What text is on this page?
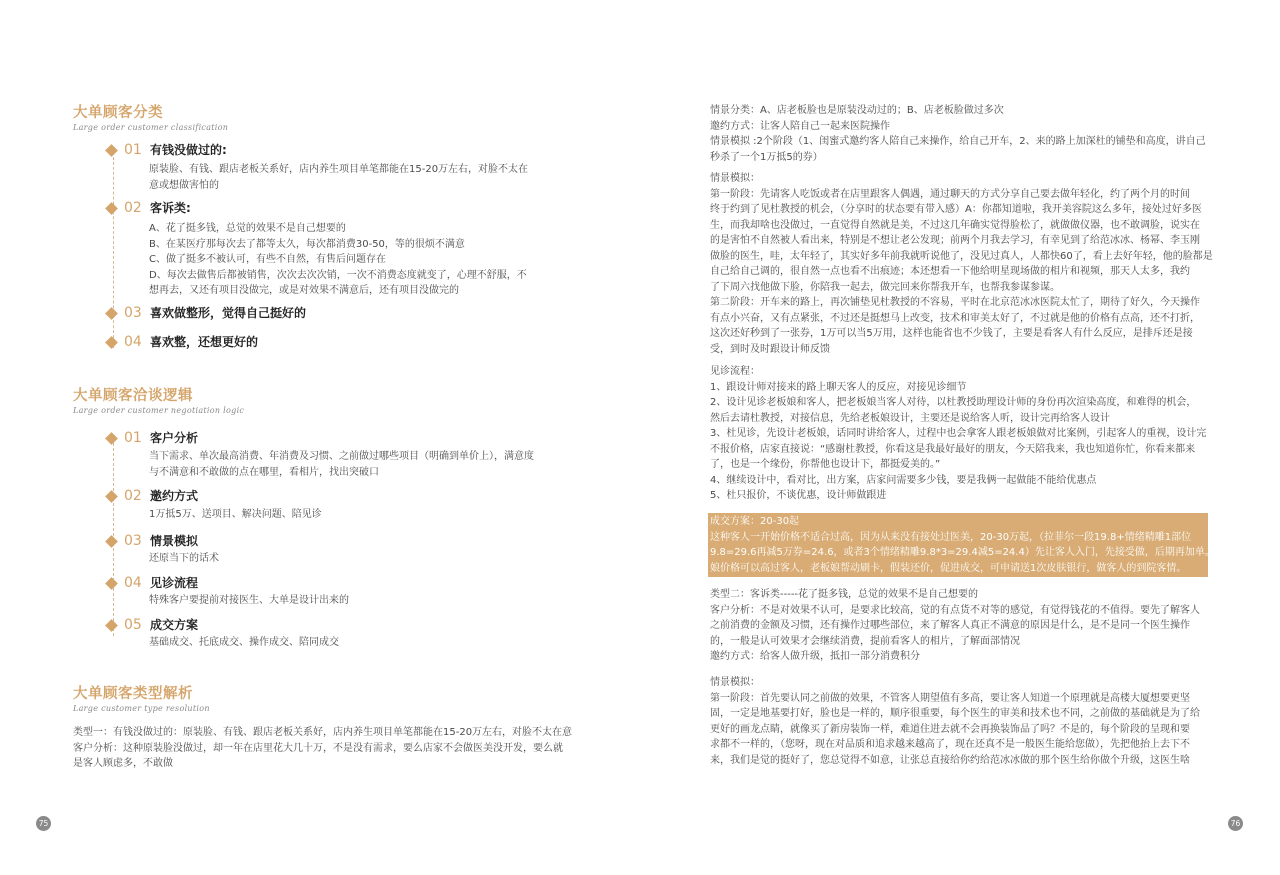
大单顾客分类
Large order customer classification
01 有钱没做过的:
原装脸、有钱、跟店老板关系好，店内养生项目单笔都能在15-20万左右，对脸不太在
意或想做害怕的
02 客诉类:
A、花了挺多钱，总觉的效果不是自己想要的
B、在某医疗那每次去了都等太久，每次都消费30-50，等的很烦不满意
C、做了挺多不被认可，有些不自然，有售后问题存在
D、每次去做售后都被销售，次次去次次销，一次不消费态度就变了，心理不舒服，不
想再去，又还有项目没做完，或是对效果不满意后，还有项目没做完的
03 喜欢做整形，觉得自己挺好的
04 喜欢整，还想更好的
大单顾客洽谈逻辑
Large order customer negotiation logic
01 客户分析
当下需求、单次最高消费、年消费及习惯、之前做过哪些项目（明确到单价上），满意度
与不满意和不敢做的点在哪里，看相片，找出突破口
02 邀约方式
1万抵5万、送项目、解决问题、陪见诊
03 情景模拟
还原当下的话术
04 见诊流程
特殊客户要提前对接医生、大单是设计出来的
05 成交方案
基础成交、托底成交、操作成交、陪同成交
大单顾客类型解析
Large customer type resolution
类型一：有钱没做过的：原装脸、有钱、跟店老板关系好，店内养生项目单笔都能在15-20万左右，对脸不太在意
客户分析：这种原装脸没做过，却一年在店里花大几十万，不是没有需求，要么店家不会做医美没开发，要么就
是客人顾虑多，不敢做
75
情景分类：A、店老板脸也是原装没动过的；B、店老板脸做过多次
邀约方式：让客人陪自己一起来医院操作
情景模拟 :2个阶段（1、闺蜜式邀约客人陪自己来操作，给自己开车，2、来的路上加深杜的铺垫和高度，讲自己
秒杀了一个1万抵5的券）
情景模拟：
第一阶段：先请客人吃饭或者在店里跟客人偶遇，通过聊天的方式分享自己要去做年轻化，约了两个月的时间
终于约到了见杜教授的机会，（分享时的状态要有带入感）A：你都知道啦，我开美容院这么多年，接处过好多医
生，而我却啥也没做过，一直觉得自然就是美，不过这几年确实觉得脸松了，就做做仪器，也不敢调脸，说实在
的是害怕不自然被人看出来，特别是不想让老公发现；前两个月我去学习，有幸见到了给范冰冰、杨幂、李玉刚
做脸的医生，哇，太年轻了，其实好多年前我就听说他了，没见过真人，人都快60了，看上去好年轻，他的脸都是
自己给自己调的，很自然一点也看不出痕迹；本还想看一下他给明星现场做的相片和视频，那天人太多，我约
了下周六找他做下脸，你陪我一起去，做完回来你帮我开车，也帮我参谋参谋。
第二阶段：开车来的路上，再次铺垫见杜教授的不容易，平时在北京范冰冰医院太忙了，期待了好久，今天操作
有点小兴奋，又有点紧张，不过还是挺想马上改变，技术和审美太好了，不过就是他的价格有点高，还不打折，
这次还好秒到了一张券，1万可以当5万用，这样也能省也不少钱了，主要是看客人有什么反应，是排斥还是接
受，到时及时跟设计师反馈
见诊流程：
1、跟设计师对接来的路上聊天客人的反应，对接见诊细节
2、设计见诊老板娘和客人，把老板娘当客人对待，以杜教授助理设计师的身份再次渲染高度，和难得的机会，
然后去请杜教授，对接信息，先给老板娘设计，主要还是说给客人听，设计完再给客人设计
3、杜见诊，先设计老板娘，话同时讲给客人，过程中也会拿客人跟老板娘做对比案例，引起客人的重视，设计完
不报价格，店家直接说：“感谢杜教授，你看这是我最好最好的朋友，今天陪我来，我也知道你忙，你看来都来
了，也是一个缘份，你帮他也设计下，都挺爱美的。”
4、继续设计中，看对比，出方案，店家问需要多少钱，要是我俩一起做能不能给优惠点
5、杜只报价，不谈优惠，设计师做跟进
成交方案：20-30起
这种客人一开始价格不适合过高，因为从来没有接处过医美，20-30万起，（拉菲尔一段19.8+情绪精雕1部位
9.8=29.6再减5万券=24.6，或者3个情绪精雕9.8*3=29.4减5=24.4）先让客人入门，先接受做，后期再加单。老板
娘价格可以高过客人，老板娘帮动刷卡，假装还价，促进成交，可申请送1次皮肤银行，做客人的到院客情。
类型二：客诉类-----花了挺多钱，总觉的效果不是自己想要的
客户分析：不是对效果不认可，是要求比较高，觉的有点货不对等的感觉，有觉得钱花的不值得。要先了解客人
之前消费的金额及习惯，还有操作过哪些部位，来了解客人真正不满意的原因是什么，是不是同一个医生操作
的，一般是认可效果才会继续消费，提前看客人的相片，了解面部情况
邀约方式：给客人做升级，抵扣一部分消费积分
情景模拟：
第一阶段：首先要认同之前做的效果，不管客人期望值有多高，要让客人知道一个原理就是高楼大厦想要更坚
固，一定是地基要打好，脸也是一样的，顺序很重要，每个医生的审美和技术也不同，之前做的基础就是为了给
更好的画龙点睛，就像买了新房装饰一样，难道住进去就不会再换装饰品了吗？不是的，每个阶段的呈现和要
求都不一样的，（您呀，现在对品质和追求越来越高了，现在还真不是一般医生能给您做），先把他抬上去下不
来，我们是觉的挺好了，您总觉得不如意，让张总直接给你约给范冰冰做的那个医生给你做个升级，这医生啥
76
